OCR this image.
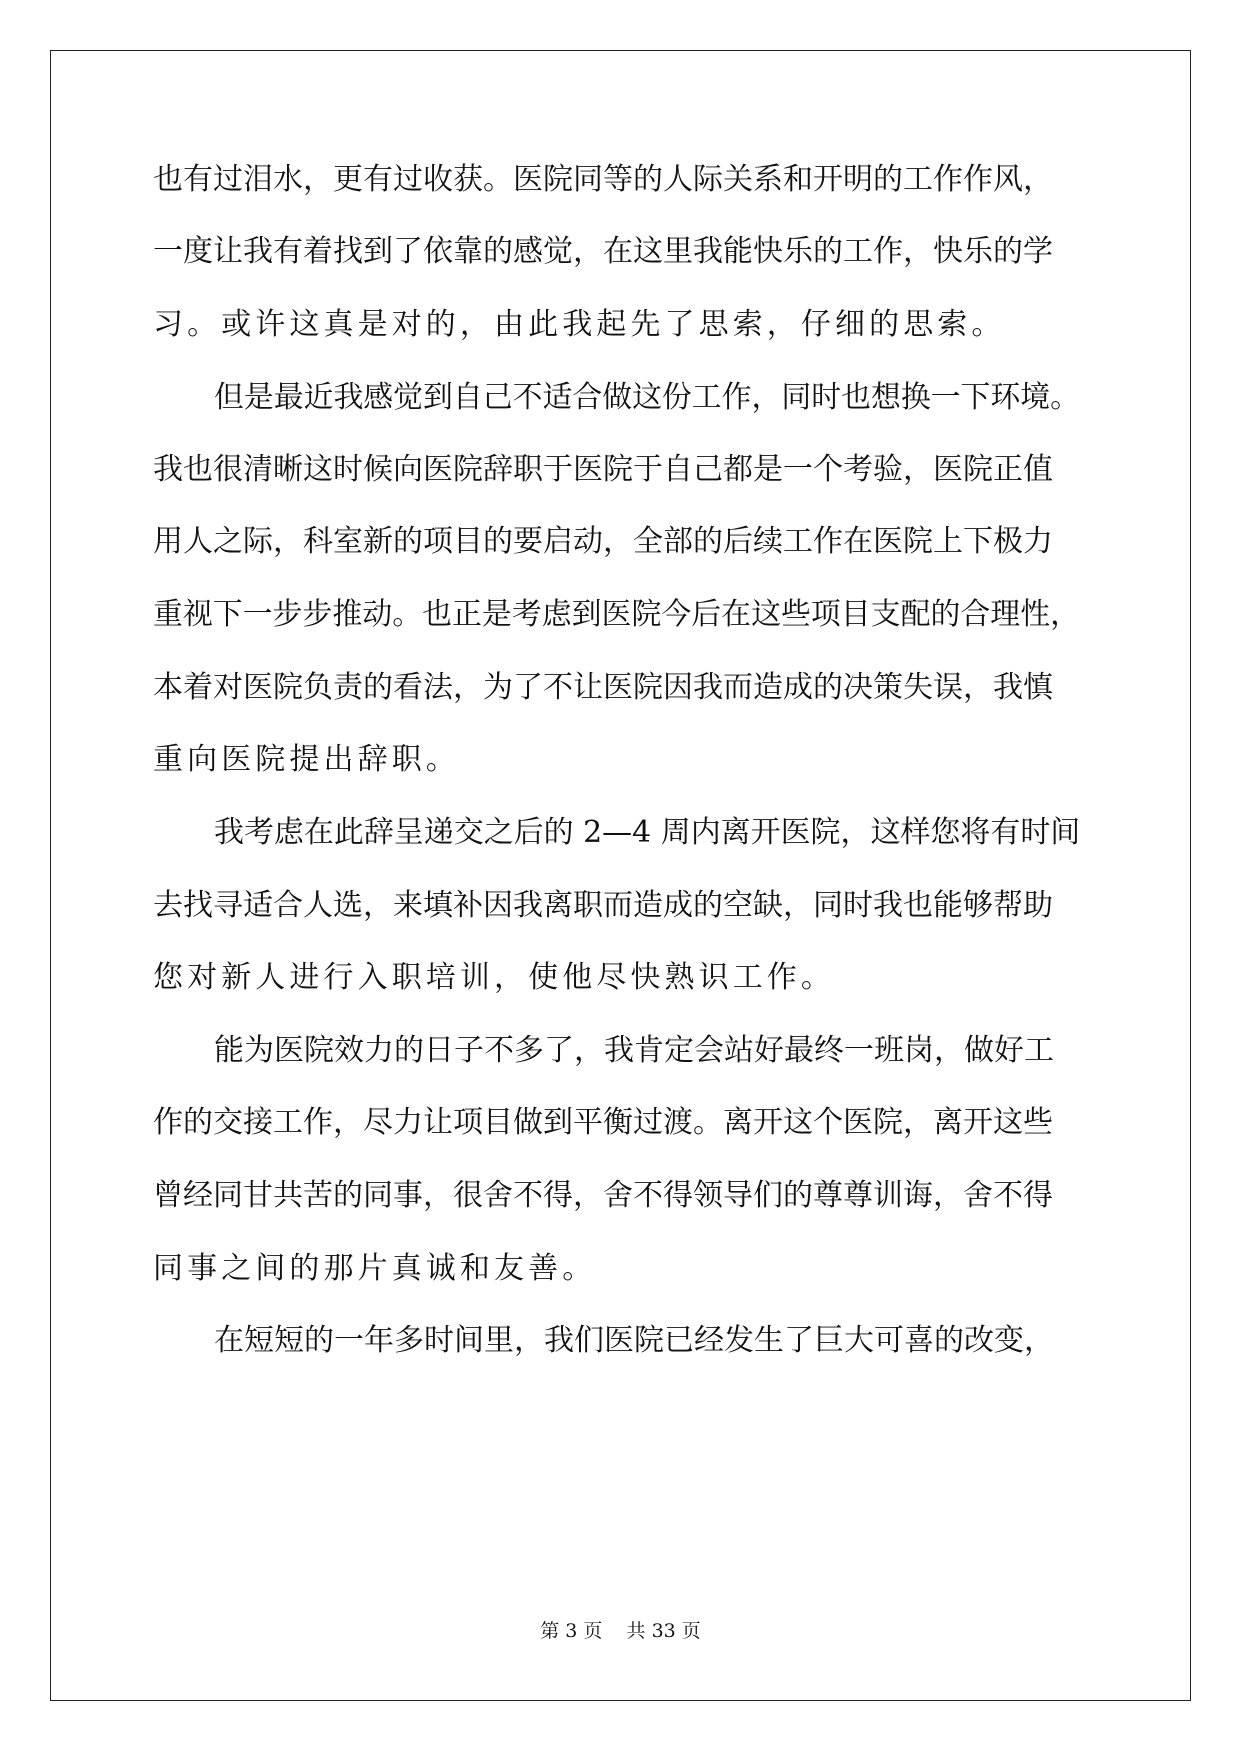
也有过泪水，更有过收获。医院同等的人际关系和开明的工作作风，
一度让我有着找到了依靠的感觉，在这里我能快乐的工作，快乐的学
习。或许这真是对的，由此我起先了思索，仔细的思索。
但是最近我感觉到自己不适合做这份工作，同时也想换一下环境。
我也很清晰这时候向医院辞职于医院于自己都是一个考验，医院正值
用人之际，科室新的项目的要启动，全部的后续工作在医院上下极力
重视下一步步推动。也正是考虑到医院今后在这些项目支配的合理性，
本着对医院负责的看法，为了不让医院因我而造成的决策失误，我慎
重向医院提出辞职。
我考虑在此辞呈递交之后的 2—4 周内离开医院，这样您将有时间
去找寻适合人选，来填补因我离职而造成的空缺，同时我也能够帮助
您对新人进行入职培训，使他尽快熟识工作。
能为医院效力的日子不多了，我肯定会站好最终一班岗，做好工
作的交接工作，尽力让项目做到平衡过渡。离开这个医院，离开这些
曾经同甘共苦的同事，很舍不得，舍不得领导们的尊尊训诲，舍不得
同事之间的那片真诚和友善。
在短短的一年多时间里，我们医院已经发生了巨大可喜的改变，
第 3 页    共 33 页
